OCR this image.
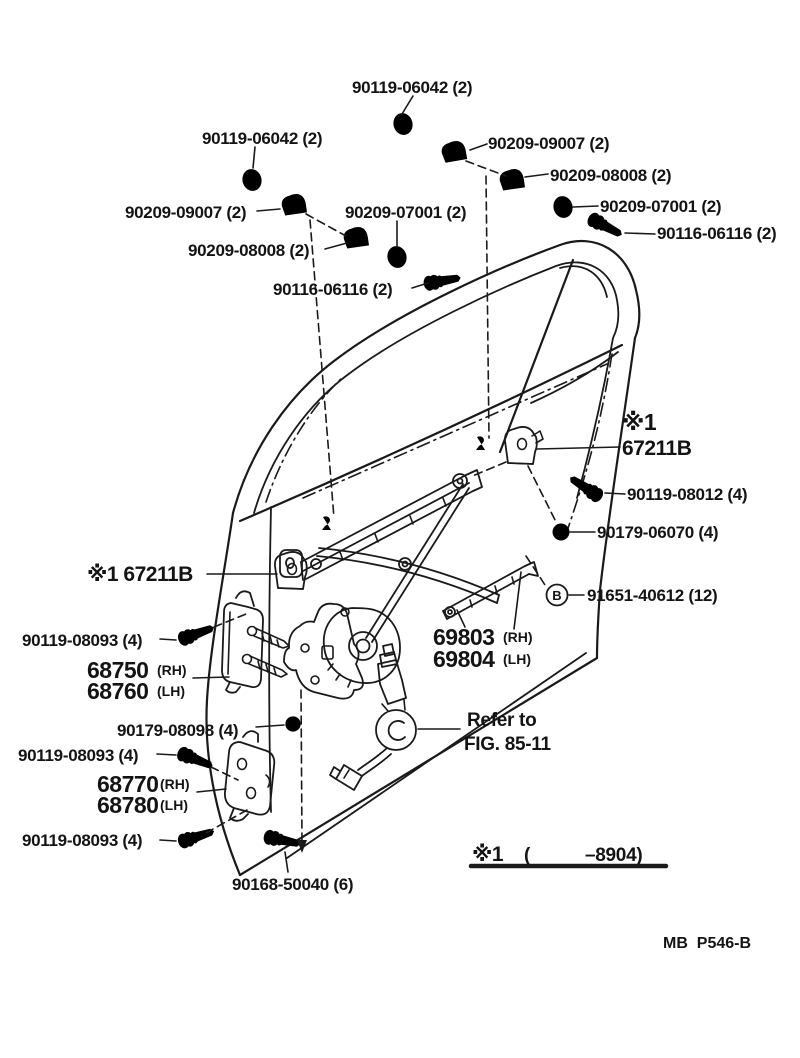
90119-06042 (2)
90119-06042 (2)	90209-09007 (2)
90209-08008 (2)
90209-07001 (2)
90116-06116 (2)
90209-09007 (2)	90209-07001 (2)
90209-08008 (2)
90116-06116 (2)
※1
67211B
90119-08012 (4)
90179-06070 (4)
B 91651-40612 (12)
※1 67211B
90119-08093 (4)
68750 (RH)
68760 (LH)
90179-08098 (4)
90119-08093 (4)
68770 (RH)
68780 (LH)
90119-08093 (4)
90168-50040 (6)
69803 (RH)
69804 (LH)
Refer to
FIG. 85-11
※1 (	–8904)
MB  P546-B
